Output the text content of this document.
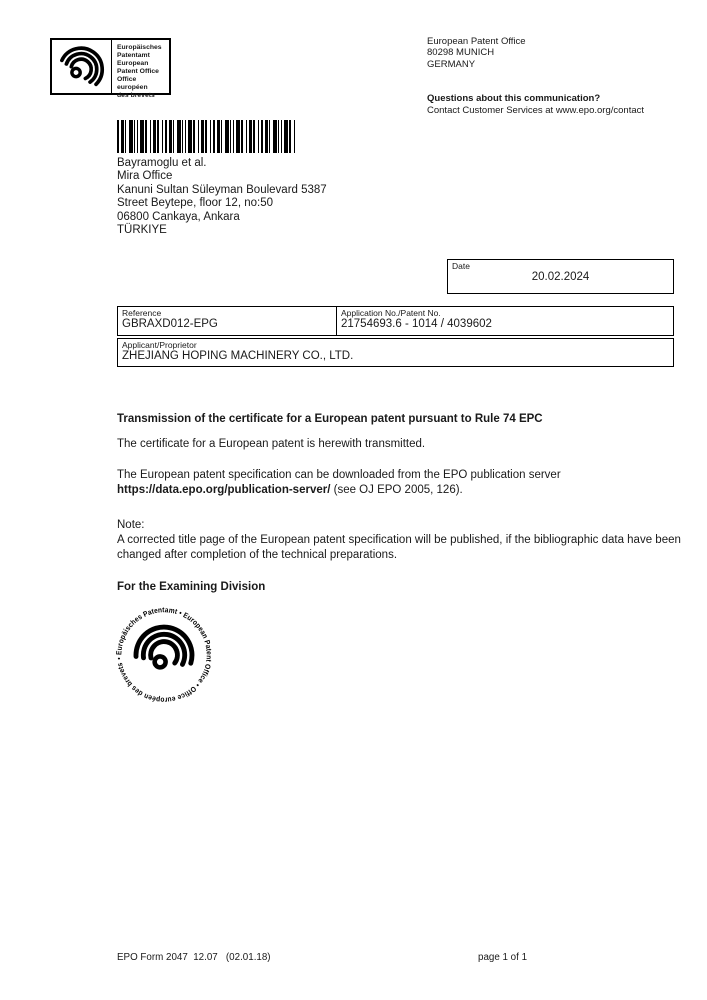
Europäisches
Patentamt
European
Patent Office
Office européen
des brevets
European Patent Office
80298 MUNICH
GERMANY
Questions about this communication?
Contact Customer Services at www.epo.org/contact
Bayramoglu et al.
Mira Office
Kanuni Sultan Süleyman Boulevard 5387
Street Beytepe, floor 12, no:50
06800 Cankaya, Ankara
TÜRKIYE
Date
20.02.2024
Reference
GBRAXD012-EPG
Application No./Patent No.
21754693.6 - 1014 / 4039602
Applicant/Proprietor
ZHEJIANG HOPING MACHINERY CO., LTD.
Transmission of the certificate for a European patent pursuant to Rule 74 EPC
The certificate for a European patent is herewith transmitted.
The European patent specification can be downloaded from the EPO publication server
https://data.epo.org/publication-server/ (see OJ EPO 2005, 126).
Note:
A corrected title page of the European patent specification will be published, if the bibliographic data have been changed after completion of the technical preparations.
For the Examining Division
• Europäisches Patentamt • European Patent Office • Office européen des brevets
EPO Form 2047  12.07   (02.01.18)	page 1 of 1
